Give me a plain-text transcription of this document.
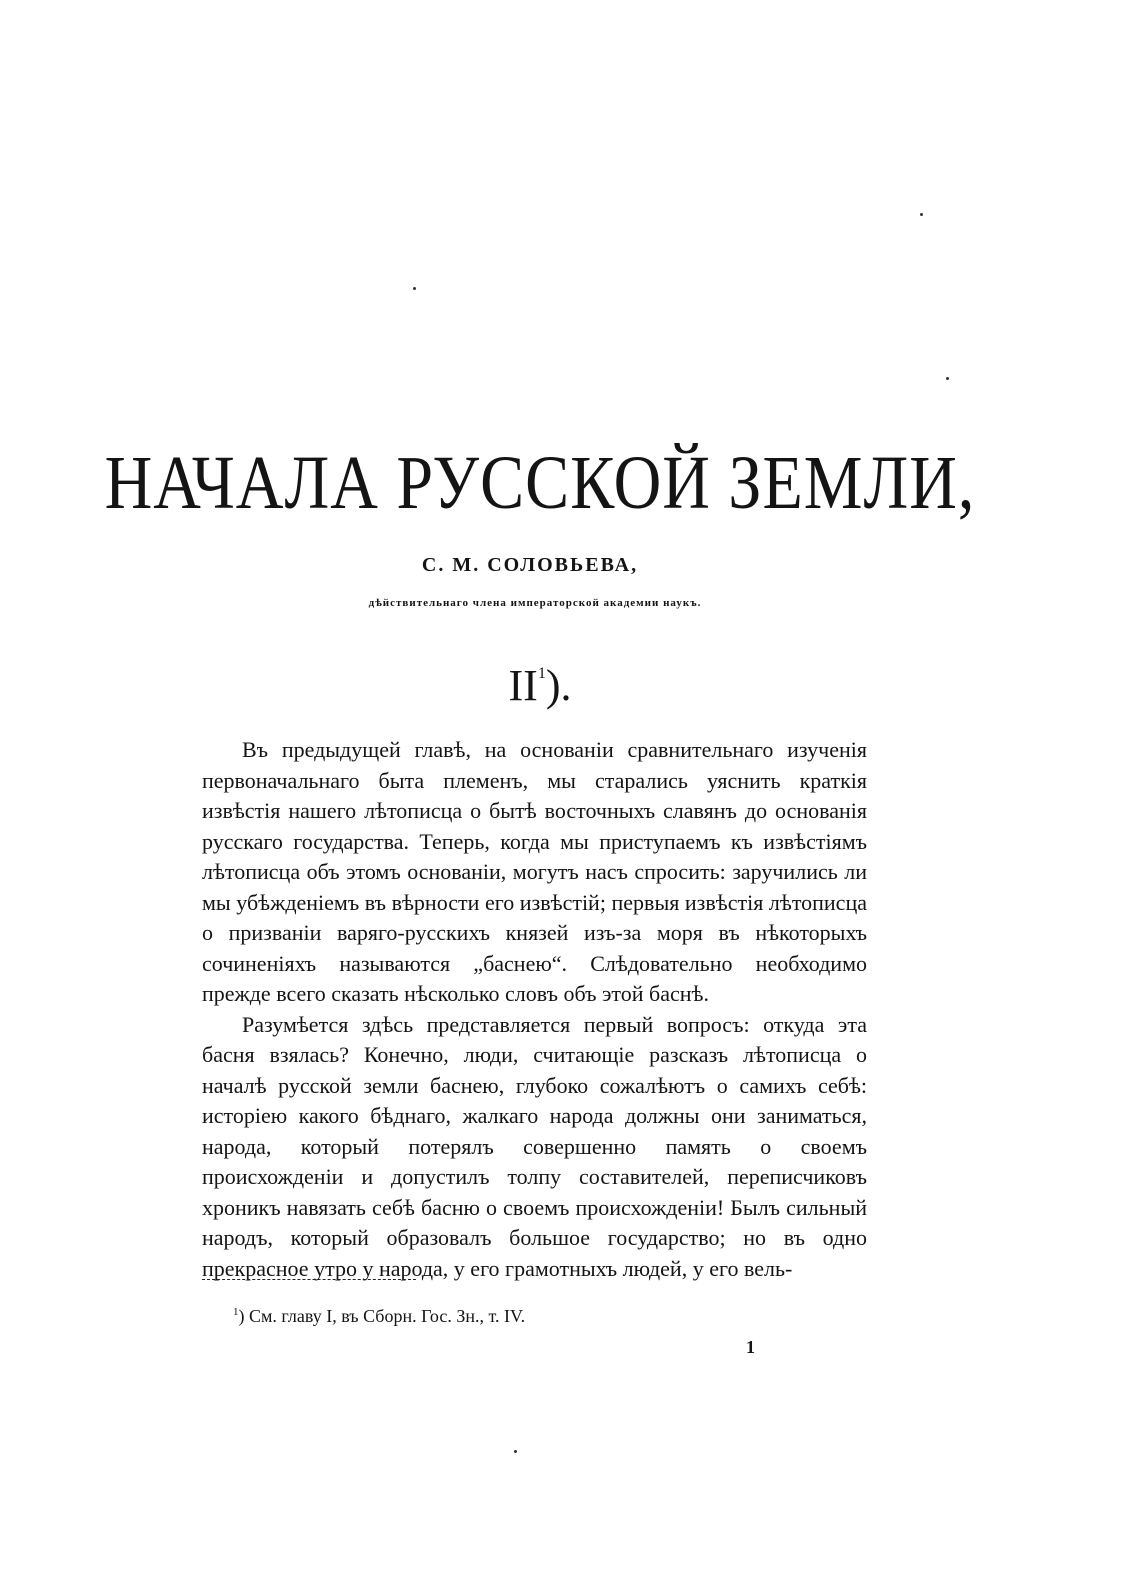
НАЧАЛА РУССКОЙ ЗЕМЛИ,
С. М. СОЛОВЬЕВА,
дѣйствительнаго члена императорской академии наукъ.
$II^1$).

Въ предыдущей главѣ, на основаніи сравнительнаго изученія первоначальнаго быта племенъ, мы старались уяснить краткія извѣстія нашего лѣтописца о бытѣ восточныхъ славянъ до основанія русскаго государства. Теперь, когда мы приступаемъ къ извѣстіямъ лѣтописца объ этомъ основаніи, могутъ насъ спросить: заручились ли мы убѣжденіемъ въ вѣрности его извѣстій; первыя извѣстія лѣтописца о призваніи варяго-русскихъ князей изъ-за моря въ нѣкоторыхъ сочиненіяхъ называются „баснею“. Слѣдовательно необходимо прежде всего сказать нѣсколько словъ объ этой баснѣ.

Разумѣется здѣсь представляется первый вопросъ: откуда эта басня взялась? Конечно, люди, считающіе разсказъ лѣтописца о началѣ русской земли баснею, глубоко сожалѣютъ о самихъ себѣ: исторіею какого бѣднаго, жалкаго народа должны они заниматься, народа, который потерялъ совершенно память о своемъ происхожденіи и допустилъ толпу составителей, переписчиковъ хроникъ навязать себѣ басню о своемъ происхожденіи! Былъ сильный народъ, который образовалъ большое государство; но въ одно прекрасное утро у народа, у его грамотныхъ людей, у его вель-

$^1$) См. главу I, въ Сборн. Гос. Зн., т. IV.
1
